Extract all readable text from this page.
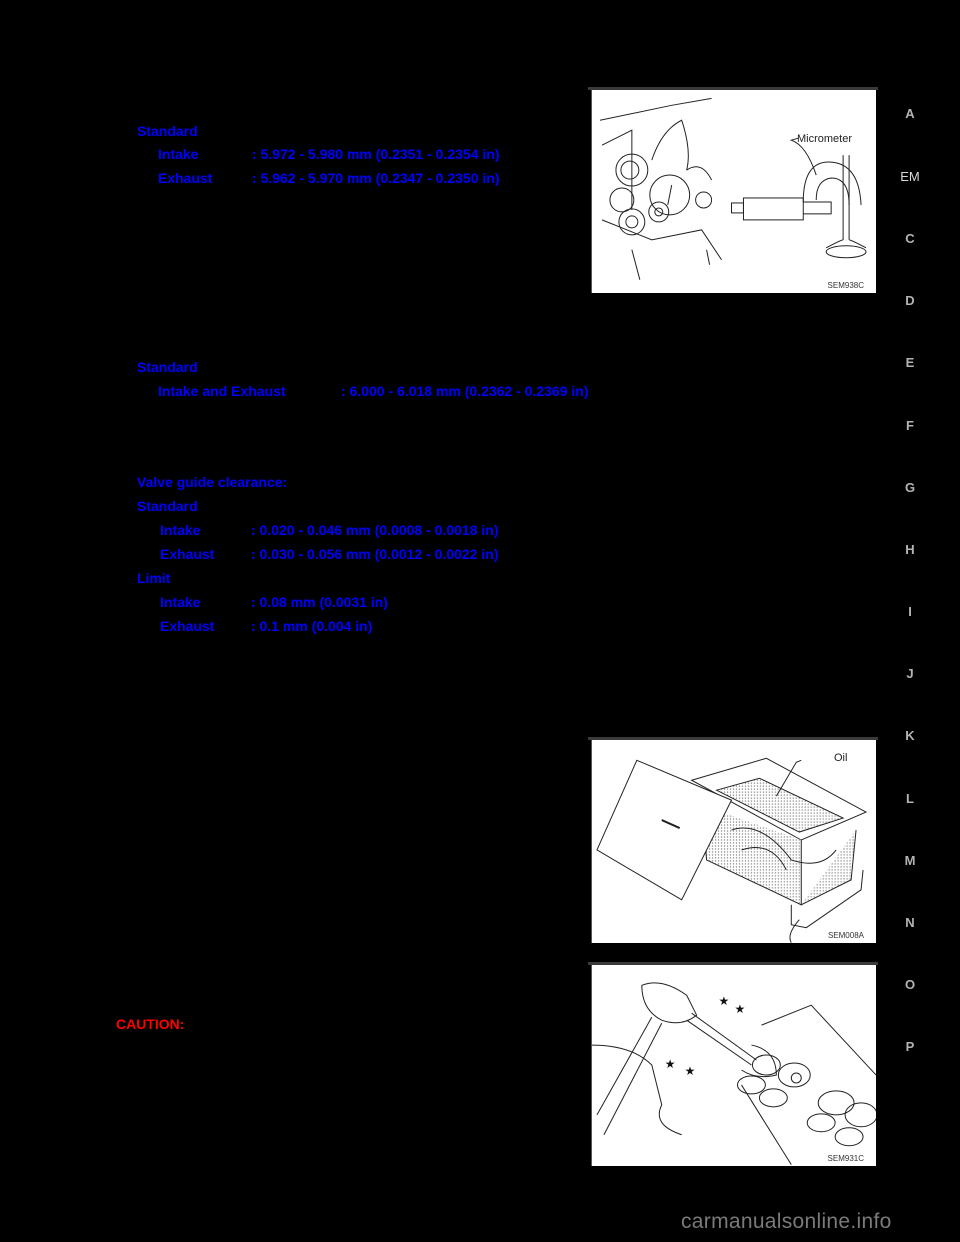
Standard
Intake	: 5.972 - 5.980 mm (0.2351 - 0.2354 in)
Exhaust	: 5.962 - 5.970 mm (0.2347 - 0.2350 in)
Standard
Intake and Exhaust	: 6.000 - 6.018 mm (0.2362 - 0.2369 in)
Valve guide clearance:
Standard
Intake	: 0.020 - 0.046 mm (0.0008 - 0.0018 in)
Exhaust	: 0.030 - 0.056 mm (0.0012 - 0.0022 in)
Limit
Intake	: 0.08 mm (0.0031 in)
Exhaust	: 0.1 mm (0.004 in)
CAUTION:
Micrometer
SEM938C
Oil
SEM008A
★
★
★ ★
SEM931C
A
EM
C
D
E
F
G
H
I
J
K
L
M
N
O
P
carmanualsonline.info
